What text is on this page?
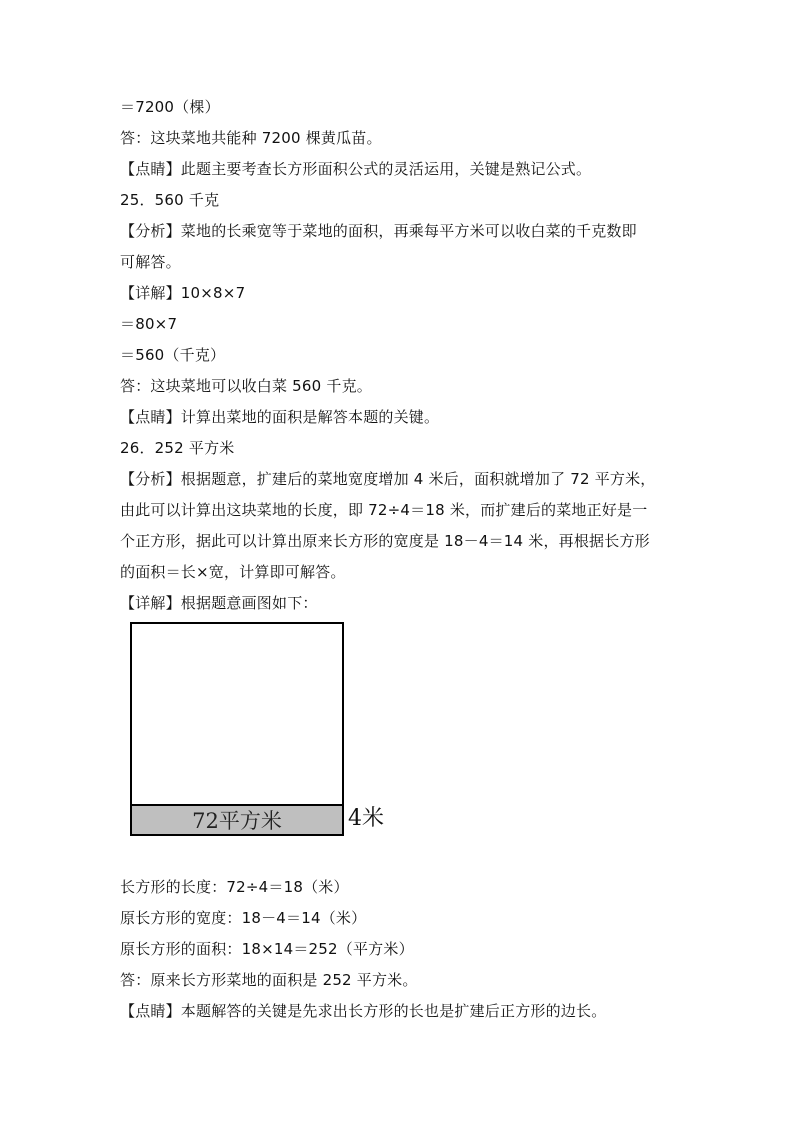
＝7200（棵）
答：这块菜地共能种 7200 棵黄瓜苗。
【点睛】此题主要考查长方形面积公式的灵活运用，关键是熟记公式。
25．560 千克
【分析】菜地的长乘宽等于菜地的面积，再乘每平方米可以收白菜的千克数即
可解答。
【详解】10×8×7
＝80×7
＝560（千克）
答：这块菜地可以收白菜 560 千克。
【点睛】计算出菜地的面积是解答本题的关键。
26．252 平方米
【分析】根据题意，扩建后的菜地宽度增加 4 米后，面积就增加了 72 平方米，
由此可以计算出这块菜地的长度，即 72÷4＝18 米，而扩建后的菜地正好是一
个正方形，据此可以计算出原来长方形的宽度是 18－4＝14 米，再根据长方形
的面积＝长×宽，计算即可解答。
【详解】根据题意画图如下：
72平方米	4米
长方形的长度：72÷4＝18（米）
原长方形的宽度：18－4＝14（米）
原长方形的面积：18×14＝252（平方米）
答：原来长方形菜地的面积是 252 平方米。
【点睛】本题解答的关键是先求出长方形的长也是扩建后正方形的边长。
